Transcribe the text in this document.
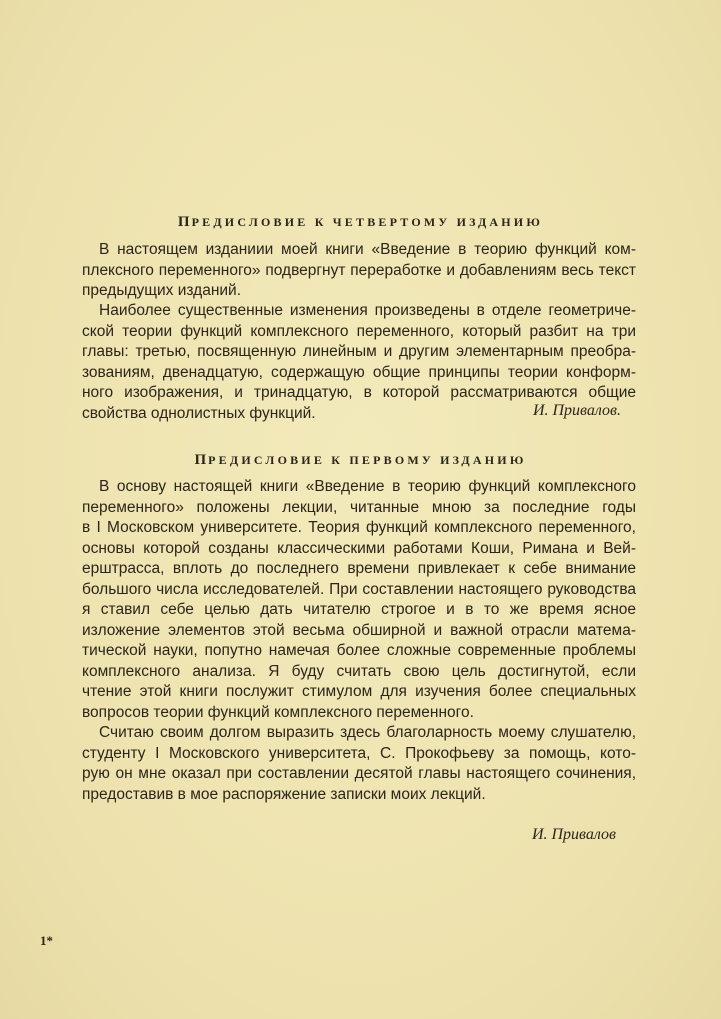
ПРЕДИСЛОВИЕ К ЧЕТВЕРТОМУ ИЗДАНИЮ
В настоящем изданиии моей книги «Введение в теорию функций ком-
плексного переменного» подвергнут переработке и добавлениям весь текст
предыдущих изданий.
Наиболее существенные изменения произведены в отделе геометриче-
ской теории функций комплексного переменного, который разбит на три
главы: третью, посвященную линейным и другим элементарным преобра-
зованиям, двенадцатую, содержащую общие принципы теории конформ-
ного изображения, и тринадцатую, в которой рассматриваются общие
свойства однолистных функций.	И. Привалов.
ПРЕДИСЛОВИЕ К ПЕРВОМУ ИЗДАНИЮ
В основу настоящей книги «Введение в теорию функций комплексного
переменного» положены лекции, читанные мною за последние годы
в I Московском университете. Теория функций комплексного переменного,
основы которой созданы классическими работами Коши, Римана и Вей-
ерштрасса, вплоть до последнего времени привлекает к себе внимание
большого числа исследователей. При составлении настоящего руководства
я ставил себе целью дать читателю строгое и в то же время ясное
изложение элементов этой весьма обширной и важной отрасли матема-
тической науки, попутно намечая более сложные современные проблемы
комплексного анализа. Я буду считать свою цель достигнутой, если
чтение этой книги послужит стимулом для изучения более специальных
вопросов теории функций комплексного переменного.
Считаю своим долгом выразить здесь благоларность моему слушателю,
студенту I Московского университета, С. Прокофьеву за помощь, кото-
рую он мне оказал при составлении десятой главы настоящего сочинения,
предоставив в мое распоряжение записки моих лекций.
И. Привалов
1*
